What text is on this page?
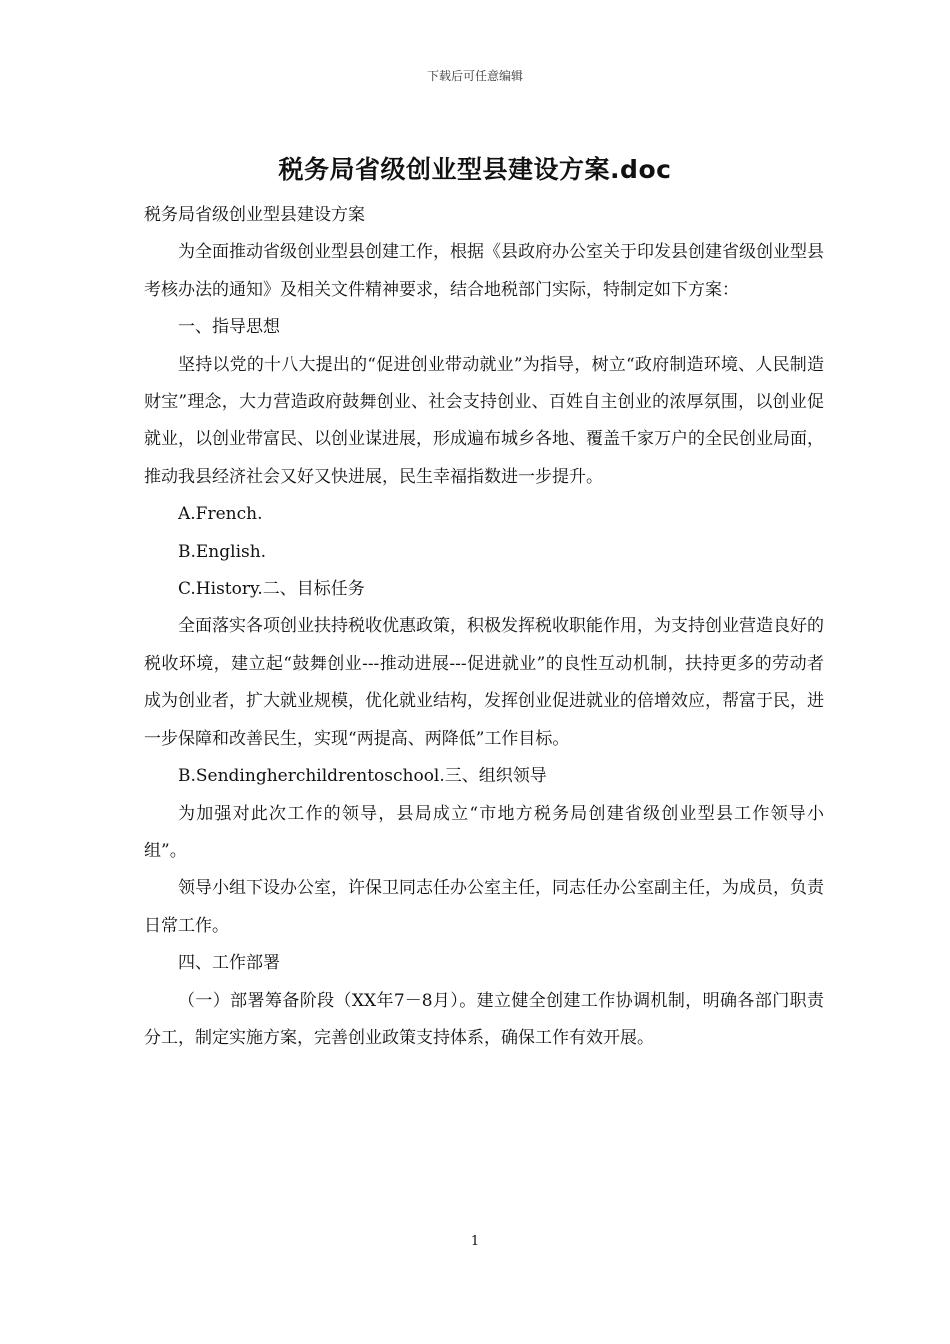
下载后可任意编辑
税务局省级创业型县建设方案.doc
税务局省级创业型县建设方案

为全面推动省级创业型县创建工作，根据《县政府办公室关于印发县创建省级创业型县考核办法的通知》及相关文件精神要求，结合地税部门实际，特制定如下方案：

一、指导思想

坚持以党的十八大提出的“促进创业带动就业”为指导，树立“政府制造环境、人民制造财宝”理念，大力营造政府鼓舞创业、社会支持创业、百姓自主创业的浓厚氛围，以创业促就业，以创业带富民、以创业谋进展，形成遍布城乡各地、覆盖千家万户的全民创业局面，推动我县经济社会又好又快进展，民生幸福指数进一步提升。

A.French.

B.English.

C.History.二、目标任务

全面落实各项创业扶持税收优惠政策，积极发挥税收职能作用，为支持创业营造良好的税收环境，建立起“鼓舞创业---推动进展---促进就业”的良性互动机制，扶持更多的劳动者成为创业者，扩大就业规模，优化就业结构，发挥创业促进就业的倍增效应，帮富于民，进一步保障和改善民生，实现“两提高、两降低”工作目标。

B.Sendingherchildrentoschool.三、组织领导

为加强对此次工作的领导，县局成立“市地方税务局创建省级创业型县工作领导小组”。

领导小组下设办公室，许保卫同志任办公室主任，同志任办公室副主任，为成员，负责日常工作。

四、工作部署

（一）部署筹备阶段（XX年7－8月）。建立健全创建工作协调机制，明确各部门职责分工，制定实施方案，完善创业政策支持体系，确保工作有效开展。

1
